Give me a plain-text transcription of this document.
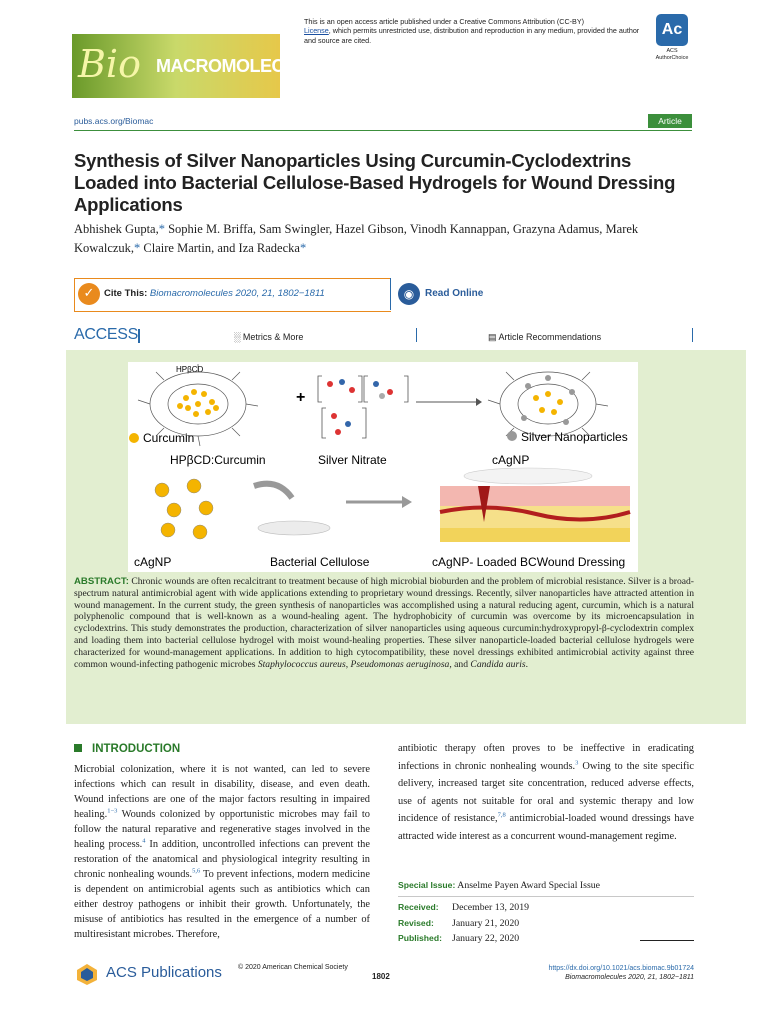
Bio MACROMOLECULES
This is an open access article published under a Creative Commons Attribution (CC-BY)
License, which permits unrestricted use, distribution and reproduction in any medium, provided the author and source are cited.
Ac
ACS AuthorChoice
pubs.acs.org/Biomac	Article
Synthesis of Silver Nanoparticles Using Curcumin-Cyclodextrins Loaded into Bacterial Cellulose-Based Hydrogels for Wound Dressing Applications
Abhishek Gupta,* Sophie M. Briffa, Sam Swingler, Hazel Gibson, Vinodh Kannappan, Grazyna Adamus, Marek Kowalczuk,* Claire Martin, and Iza Radecka*
✓	Cite This: Biomacromolecules 2020, 21, 1802−1811	◉	Read Online
ACCESS	░ Metrics & More	▤ Article Recommendations
HPβCD
+
Curcumin	Silver Nanoparticles
HPβCD:Curcumin	Silver Nitrate	cAgNP
cAgNP	Bacterial Cellulose	cAgNP- Loaded BCWound Dressing
ABSTRACT: Chronic wounds are often recalcitrant to treatment because of high microbial bioburden and the problem of microbial resistance. Silver is a broad-spectrum natural antimicrobial agent with wide applications extending to proprietary wound dressings. Recently, silver nanoparticles have attracted attention in wound management. In the current study, the green synthesis of nanoparticles was accomplished using a natural reducing agent, curcumin, which is a natural polyphenolic compound that is well-known as a wound-healing agent. The hydrophobicity of curcumin was overcome by its microencapsulation in cyclodextrins. This study demonstrates the production, characterization of silver nanoparticles using aqueous curcumin:hydroxypropyl-β-cyclodextrin complex and loading them into bacterial cellulose hydrogel with moist wound-healing properties. These silver nanoparticle-loaded bacterial cellulose hydrogels were characterized for wound-management applications. In addition to high cytocompatibility, these novel dressings exhibited antimicrobial activity against three common wound-infecting pathogenic microbes Staphylococcus aureus, Pseudomonas aeruginosa, and Candida auris.
INTRODUCTION
Microbial colonization, where it is not wanted, can led to severe infections which can result in disability, disease, and even death. Wound infections are one of the major factors resulting in impaired healing.$^{1-3}$ Wounds colonized by opportunistic microbes may fail to follow the natural reparative and regenerative stages involved in the healing process.$^4$ In addition, uncontrolled infections can prevent the restoration of the anatomical and physiological integrity resulting in chronic nonhealing wounds.$^{5,6}$ To prevent infections, modern medicine is dependent on antimicrobial agents such as antibiotics which can either destroy pathogens or inhibit their growth. Unfortunately, the misuse of antibiotics has resulted in the emergence of a number of multiresistant microbes. Therefore,
antibiotic therapy often proves to be ineffective in eradicating infections in chronic nonhealing wounds.$^3$ Owing to the site specific delivery, increased target site concentration, reduced adverse effects, use of agents not suitable for oral and systemic therapy and low incidence of resistance,$^{7,8}$ antimicrobial-loaded wound dressings have attracted wide interest as a concurrent wound-management regime.
Special Issue: Anselme Payen Award Special Issue
Received: December 13, 2019
Revised: January 21, 2020
Published: January 22, 2020
ACS Publications © 2020 American Chemical Society
1802
https://dx.doi.org/10.1021/acs.biomac.9b01724
Biomacromolecules 2020, 21, 1802−1811
